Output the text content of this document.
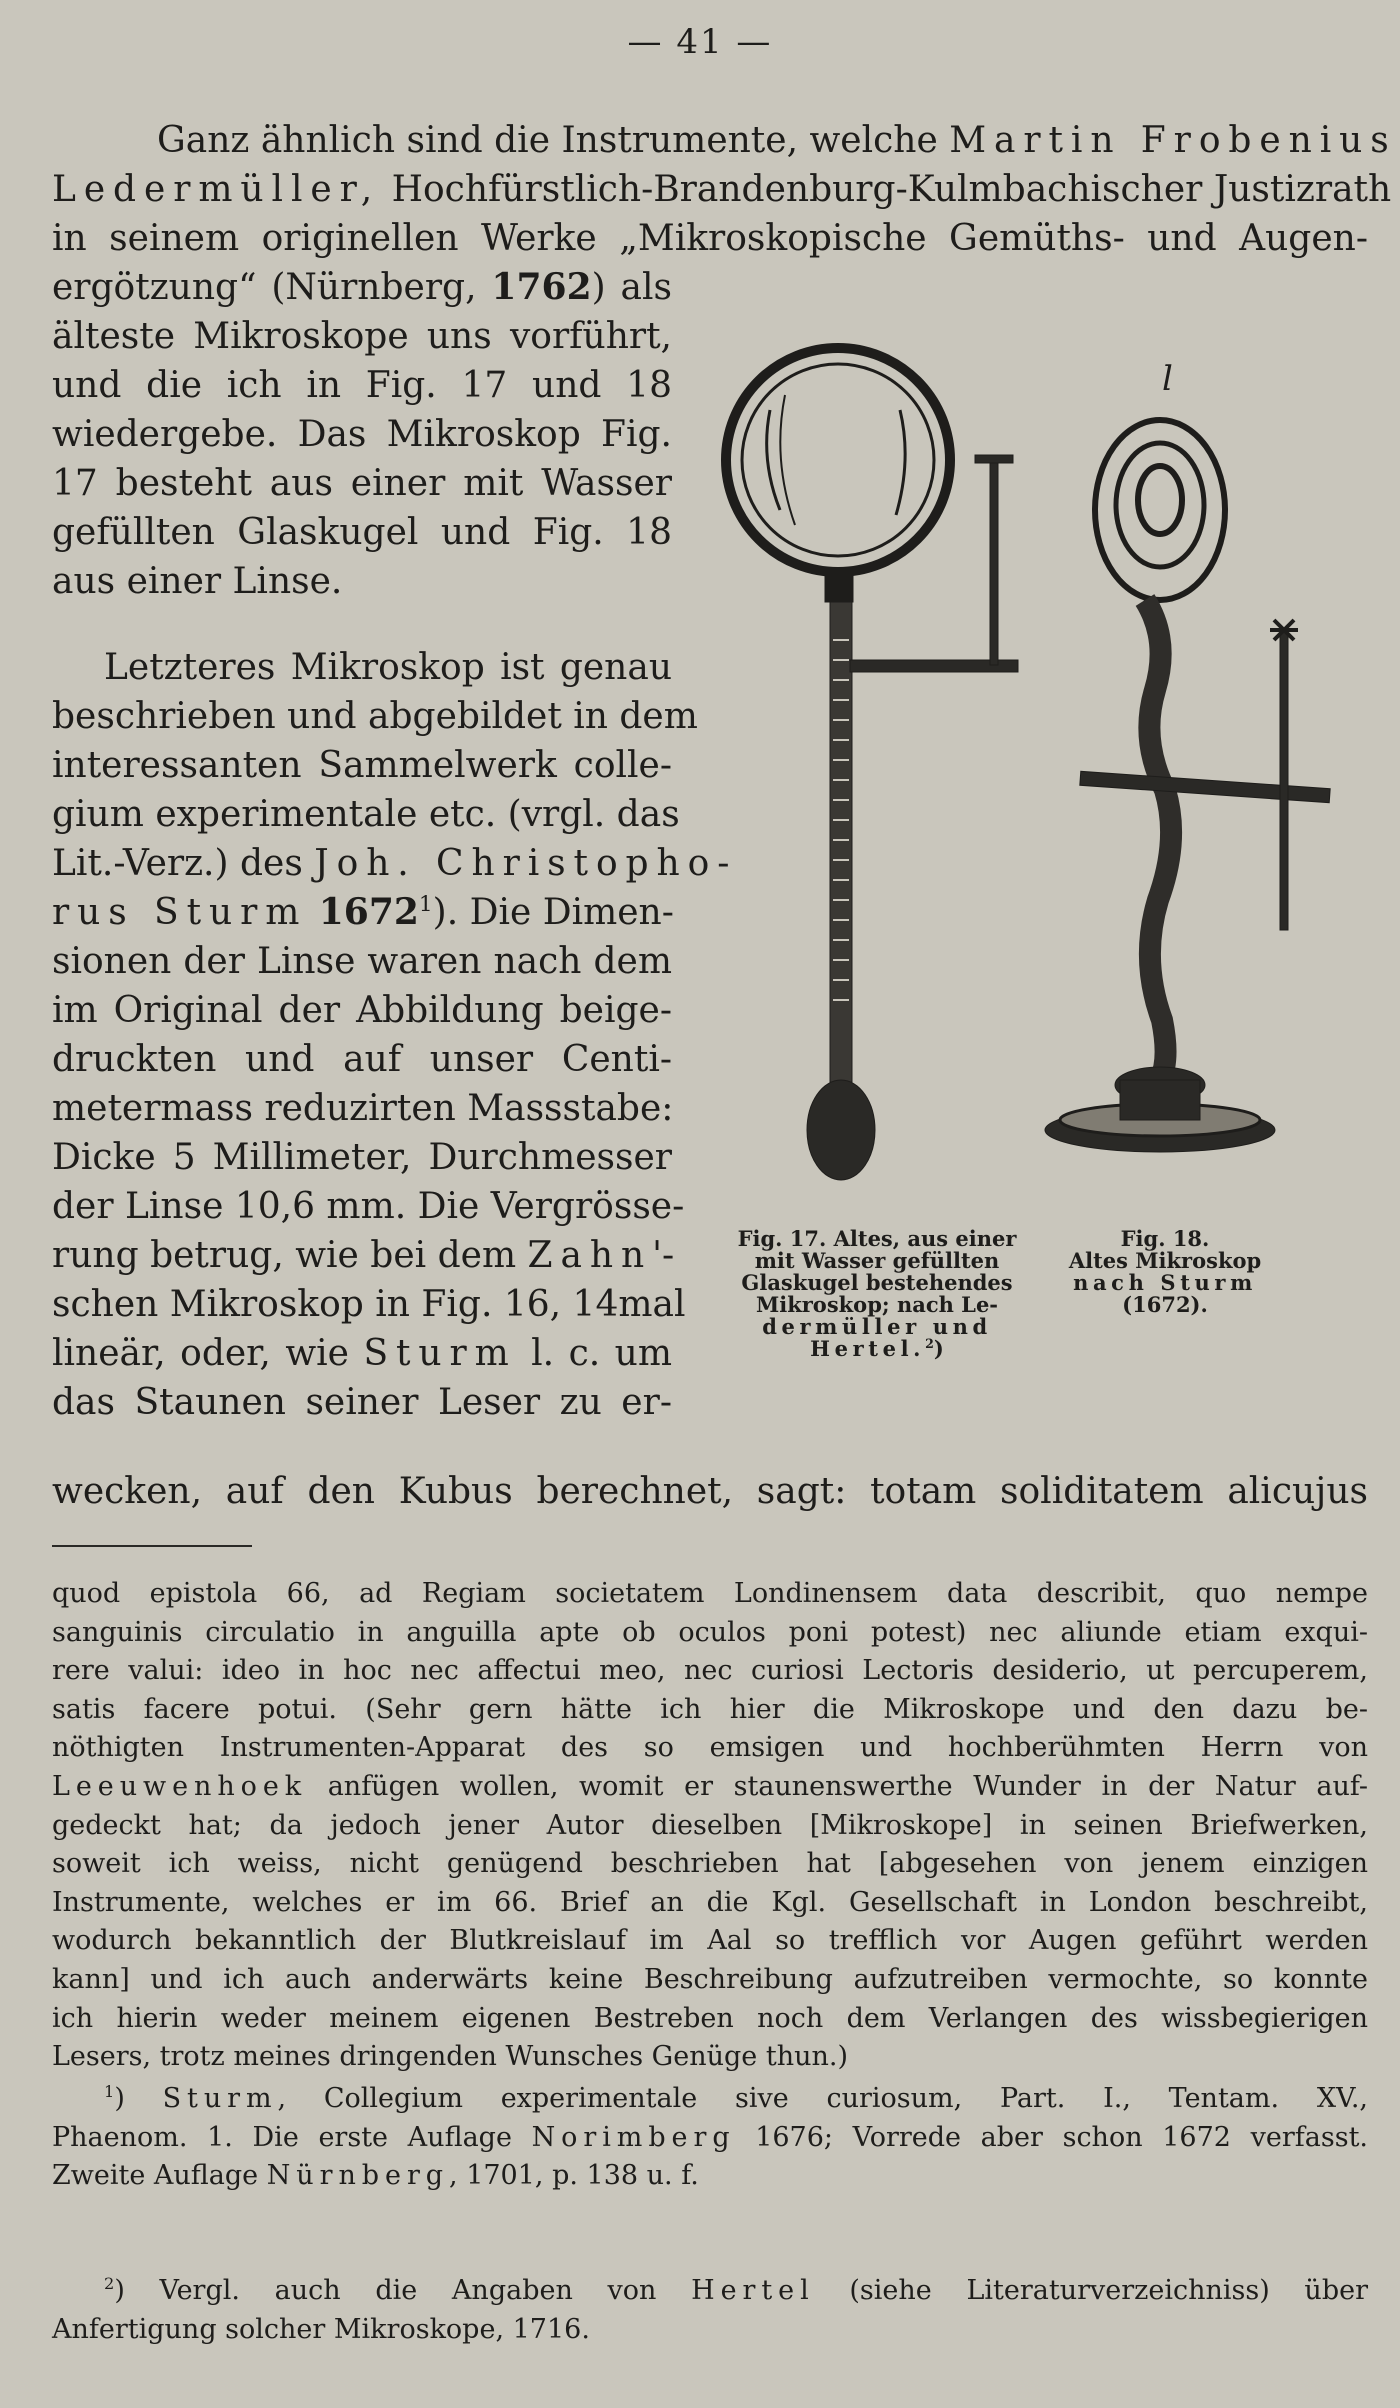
— 41 —
Ganz ähnlich sind die Instrumente, welche Martin Frobenius
Ledermüller, Hochfürstlich-Brandenburg-Kulmbachischer Justizrath
in seinem originellen Werke „Mikroskopische Gemüths- und Augen-
ergötzung“ (Nürnberg, 1762) als
älteste Mikroskope uns vorführt,
und die ich in Fig. 17 und 18
wiedergebe. Das Mikroskop Fig.
17 besteht aus einer mit Wasser
gefüllten Glaskugel und Fig. 18
aus einer Linse.
Letzteres Mikroskop ist genau
beschrieben und abgebildet in dem
interessanten Sammelwerk colle-
gium experimentale etc. (vrgl. das
Lit.-Verz.) des Joh. Christopho-
rus Sturm 1672$^1$). Die Dimen-
sionen der Linse waren nach dem
im Original der Abbildung beige-
druckten und auf unser Centi-
metermass reduzirten Massstabe:
Dicke 5 Millimeter, Durchmesser
der Linse 10,6 mm. Die Vergrösse-
rung betrug, wie bei dem Zahn'-
schen Mikroskop in Fig. 16, 14mal
lineär, oder, wie Sturm l. c. um
das Staunen seiner Leser zu er-
wecken, auf den Kubus berechnet, sagt: totam soliditatem alicujus
l
Fig. 17. Altes, aus einer
mit Wasser gefüllten
Glaskugel bestehendes
Mikroskop; nach Le-
dermüller und
Hertel.$^2$)
Fig. 18.
Altes Mikroskop
nach Sturm
(1672).
quod epistola 66, ad Regiam societatem Londinensem data describit, quo nempe
sanguinis circulatio in anguilla apte ob oculos poni potest) nec aliunde etiam exqui-
rere valui: ideo in hoc nec affectui meo, nec curiosi Lectoris desiderio, ut percuperem,
satis facere potui. (Sehr gern hätte ich hier die Mikroskope und den dazu be-
nöthigten Instrumenten-Apparat des so emsigen und hochberühmten Herrn von
Leeuwenhoek anfügen wollen, womit er staunenswerthe Wunder in der Natur auf-
gedeckt hat; da jedoch jener Autor dieselben [Mikroskope] in seinen Briefwerken,
soweit ich weiss, nicht genügend beschrieben hat [abgesehen von jenem einzigen
Instrumente, welches er im 66. Brief an die Kgl. Gesellschaft in London beschreibt,
wodurch bekanntlich der Blutkreislauf im Aal so trefflich vor Augen geführt werden
kann] und ich auch anderwärts keine Beschreibung aufzutreiben vermochte, so konnte
ich hierin weder meinem eigenen Bestreben noch dem Verlangen des wissbegierigen
Lesers, trotz meines dringenden Wunsches Genüge thun.)
$^1$) Sturm, Collegium experimentale sive curiosum, Part. I., Tentam. XV.,
Phaenom. 1. Die erste Auflage Norimberg 1676; Vorrede aber schon 1672 verfasst.
Zweite Auflage Nürnberg, 1701, p. 138 u. f.
$^2$) Vergl. auch die Angaben von Hertel (siehe Literaturverzeichniss) über
Anfertigung solcher Mikroskope, 1716.
